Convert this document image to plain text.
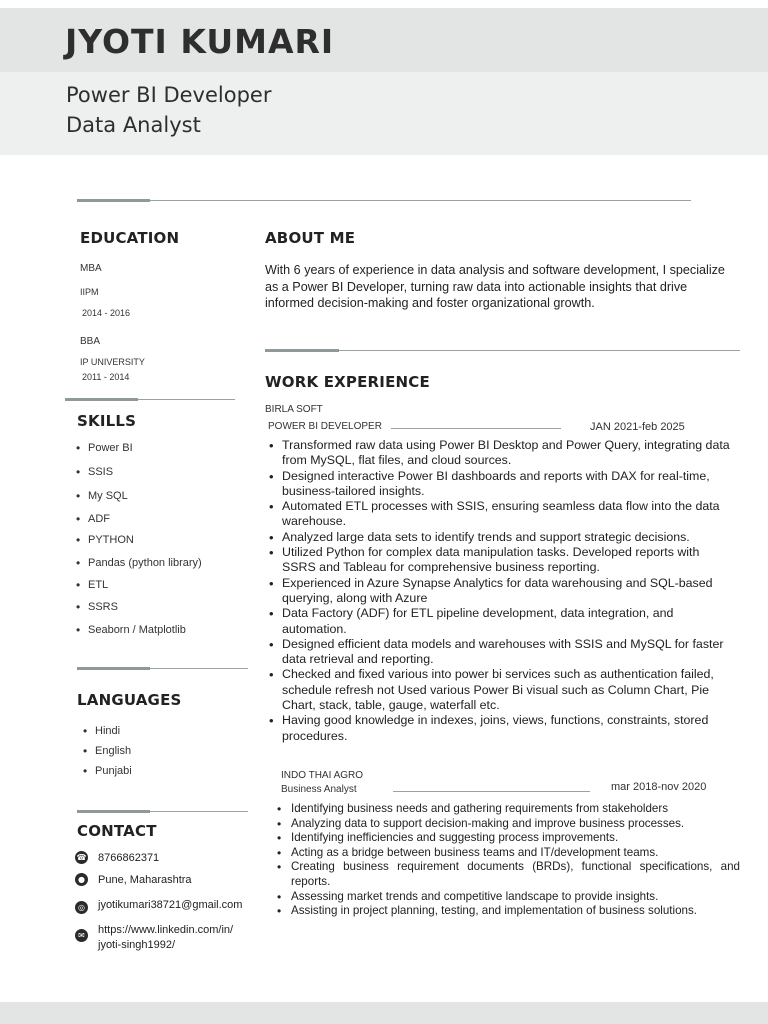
JYOTI KUMARI
Power BI Developer
Data Analyst
EDUCATION
MBA
IIPM
2014 - 2016
BBA
IP UNIVERSITY
2011 - 2014
SKILLS
• Power BI
• SSIS
• My SQL
• ADF
• PYTHON
• Pandas (python library)
• ETL
• SSRS
• Seaborn / Matplotlib
LANGUAGES
• Hindi
• English
• Punjabi
CONTACT
☎ 8766862371
● Pune, Maharashtra
◎ jyotikumari38721@gmail.com
✉ https://www.linkedin.com/in/
jyoti-singh1992/
ABOUT ME
With 6 years of experience in data analysis and software development, I specialize as a Power BI Developer, turning raw data into actionable insights that drive informed decision-making and foster organizational growth.
WORK EXPERIENCE
BIRLA SOFT
POWER BI DEVELOPER	JAN 2021-feb 2025
• Transformed raw data using Power BI Desktop and Power Query, integrating data from MySQL, flat files, and cloud sources.
• Designed interactive Power BI dashboards and reports with DAX for real-time, business-tailored insights.
• Automated ETL processes with SSIS, ensuring seamless data flow into the data warehouse.
• Analyzed large data sets to identify trends and support strategic decisions.
• Utilized Python for complex data manipulation tasks. Developed reports with SSRS and Tableau for comprehensive business reporting.
• Experienced in Azure Synapse Analytics for data warehousing and SQL-based querying, along with Azure
• Data Factory (ADF) for ETL pipeline development, data integration, and automation.
• Designed efficient data models and warehouses with SSIS and MySQL for faster data retrieval and reporting.
• Checked and fixed various into power bi services such as authentication failed, schedule refresh not Used various Power Bi visual such as Column Chart, Pie Chart, stack, table, gauge, waterfall etc.
• Having good knowledge in indexes, joins, views, functions, constraints, stored procedures.
INDO THAI AGRO
Business Analyst	mar 2018-nov 2020
• Identifying business needs and gathering requirements from stakeholders
• Analyzing data to support decision-making and improve business processes.
• Identifying inefficiencies and suggesting process improvements.
• Acting as a bridge between business teams and IT/development teams.
• Creating business requirement documents (BRDs), functional specifications, and reports.
• Assessing market trends and competitive landscape to provide insights.
• Assisting in project planning, testing, and implementation of business solutions.
